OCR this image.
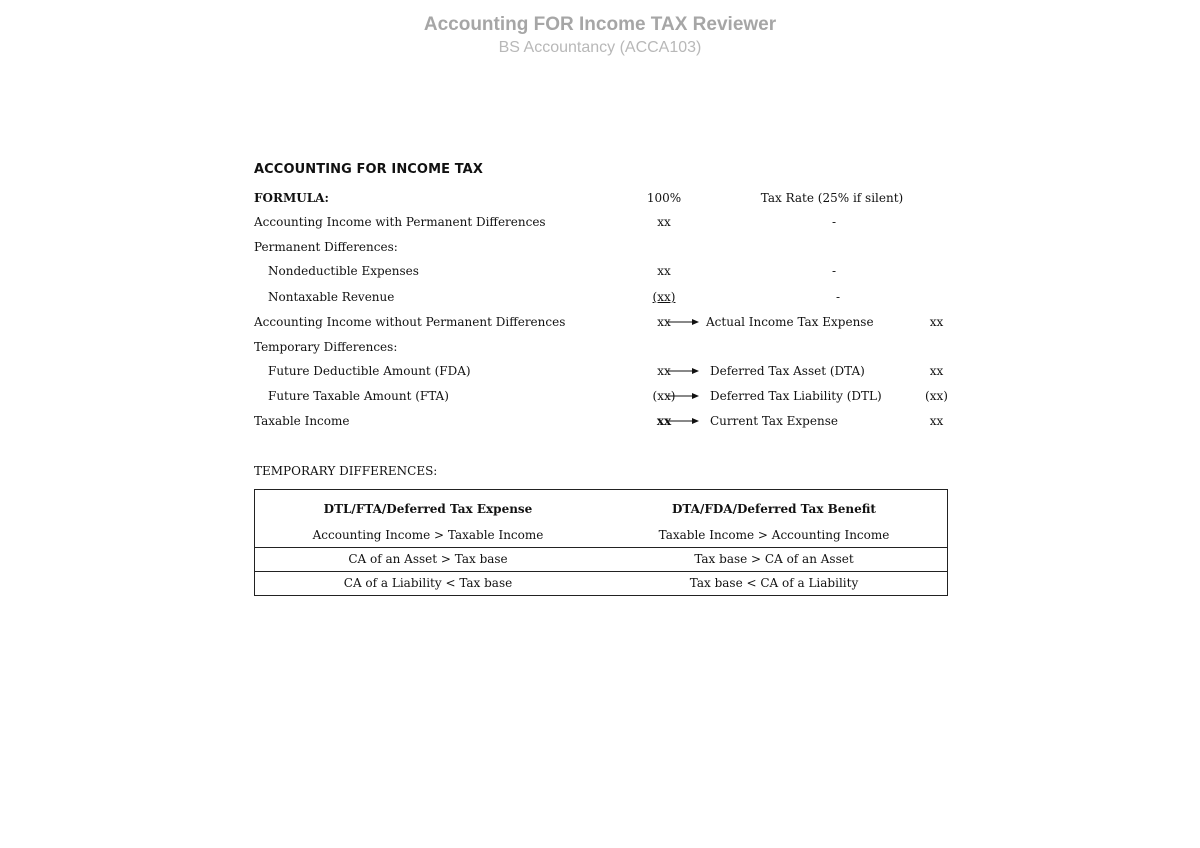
Accounting FOR Income TAX Reviewer
BS Accountancy (ACCA103)
ACCOUNTING FOR INCOME TAX
FORMULA:	100%	Tax Rate (25% if silent)
Accounting Income with Permanent Differences	xx	-
Permanent Differences:
Nondeductible Expenses	xx	-
Nontaxable Revenue	(xx)	-
Accounting Income without Permanent Differences	xx	Actual Income Tax Expense	xx
Temporary Differences:
Future Deductible Amount (FDA)	xx	Deferred Tax Asset (DTA)	xx
Future Taxable Amount (FTA)	(xx)	Deferred Tax Liability (DTL)	(xx)
Taxable Income	xx	Current Tax Expense	xx
TEMPORARY DIFFERENCES:
DTL/FTA/Deferred Tax Expense	DTA/FDA/Deferred Tax Benefit
Accounting Income > Taxable Income	Taxable Income > Accounting Income
CA of an Asset > Tax base	Tax base > CA of an Asset
CA of a Liability < Tax base	Tax base < CA of a Liability
